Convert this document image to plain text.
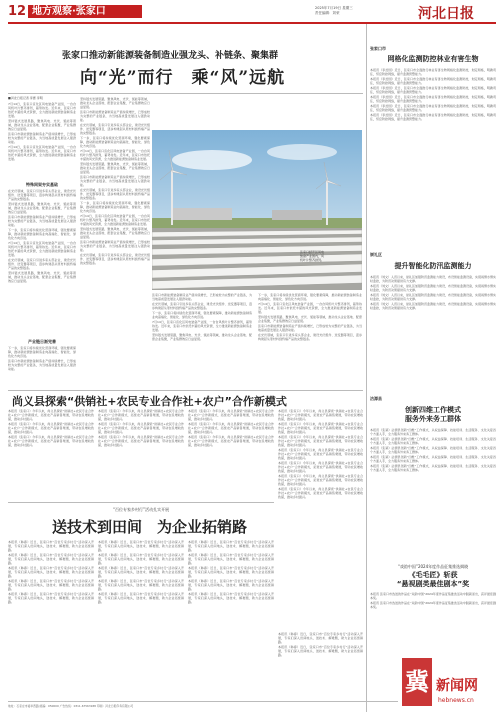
12 地方观察·张家口	2025年7月19日 星期三
责任编辑：刘荣	河北日报
张家口推动新能源装备制造业强龙头、补链条、聚集群
向“光”而行　乘“风”远航
■河北日报记者 李惠 李明

7月14日，张家口宣化区风电装备产业园，一台台风机叶片整齐排列，蓄势待发。近年来，张家口市依托丰富的风光资源，全力推进新能源装备制造业发展。

坚持链式发展思路，聚焦风电、光伏、氢能等领域，推动龙头企业落地、配套企业集聚，产业集群效应日益显现。

张家口市新能源装备制造业产值持续增长，已形成较为完整的产业链条，为当地高质量发展注入强劲动能。

7月14日，张家口宣化区风电装备产业园，一台台风机叶片整齐排列，蓄势待发。近年来，张家口市依托丰富的风光资源，全力推进新能源装备制造业发展。

特殊网架夯实基础

在光伏领域，张家口引进多家头部企业，建设光伏组件、逆变器等项目，逐步构建起从原材料到终端产品的完整链条。

坚持链式发展思路，聚焦风电、光伏、氢能等领域，推动龙头企业落地、配套企业集聚，产业集群效应日益显现。

张家口市新能源装备制造业产值持续增长，已形成较为完整的产业链条，为当地高质量发展注入强劲动能。

下一步，张家口将持续优化营商环境，强化要素保障，推动新能源装备制造业向高端化、智能化、绿色化方向迈进。

7月14日，张家口宣化区风电装备产业园，一台台风机叶片整齐排列，蓄势待发。近年来，张家口市依托丰富的风光资源，全力推进新能源装备制造业发展。

在光伏领域，张家口引进多家头部企业，建设光伏组件、逆变器等项目，逐步构建起从原材料到终端产品的完整链条。

坚持链式发展思路，聚焦风电、光伏、氢能等领域，推动龙头企业落地、配套企业集聚，产业集群效应日益显现。

产业链日渐完善

下一步，张家口将持续优化营商环境，强化要素保障，推动新能源装备制造业向高端化、智能化、绿色化方向迈进。

张家口市新能源装备制造业产值持续增长，已形成较为完整的产业链条，为当地高质量发展注入强劲动能。

坚持链式发展思路，聚焦风电、光伏、氢能等领域，推动龙头企业落地、配套企业集聚，产业集群效应日益显现。

张家口市新能源装备制造业产值持续增长，已形成较为完整的产业链条，为当地高质量发展注入强劲动能。

在光伏领域，张家口引进多家头部企业，建设光伏组件、逆变器等项目，逐步构建起从原材料到终端产品的完整链条。

下一步，张家口将持续优化营商环境，强化要素保障，推动新能源装备制造业向高端化、智能化、绿色化方向迈进。

7月14日，张家口宣化区风电装备产业园，一台台风机叶片整齐排列，蓄势待发。近年来，张家口市依托丰富的风光资源，全力推进新能源装备制造业发展。

坚持链式发展思路，聚焦风电、光伏、氢能等领域，推动龙头企业落地、配套企业集聚，产业集群效应日益显现。

张家口市新能源装备制造业产值持续增长，已形成较为完整的产业链条，为当地高质量发展注入强劲动能。

在光伏领域，张家口引进多家头部企业，建设光伏组件、逆变器等项目，逐步构建起从原材料到终端产品的完整链条。

下一步，张家口将持续优化营商环境，强化要素保障，推动新能源装备制造业向高端化、智能化、绿色化方向迈进。

7月14日，张家口宣化区风电装备产业园，一台台风机叶片整齐排列，蓄势待发。近年来，张家口市依托丰富的风光资源，全力推进新能源装备制造业发展。

坚持链式发展思路，聚焦风电、光伏、氢能等领域，推动龙头企业落地、配套企业集聚，产业集群效应日益显现。

张家口市新能源装备制造业产值持续增长，已形成较为完整的产业链条，为当地高质量发展注入强劲动能。

在光伏领域，张家口引进多家头部企业，建设光伏组件、逆变器等项目，逐步构建起从原材料到终端产品的完整链条。

张家口经开区风电装备产业园内，风机叶片整齐排列。

张家口市新能源装备制造业产值持续增长，已形成较为完整的产业链条，为当地高质量发展注入强劲动能。

在光伏领域，张家口引进多家头部企业，建设光伏组件、逆变器等项目，逐步构建起从原材料到终端产品的完整链条。

下一步，张家口将持续优化营商环境，强化要素保障，推动新能源装备制造业向高端化、智能化、绿色化方向迈进。

7月14日，张家口宣化区风电装备产业园，一台台风机叶片整齐排列，蓄势待发。近年来，张家口市依托丰富的风光资源，全力推进新能源装备制造业发展。

坚持链式发展思路，聚焦风电、光伏、氢能等领域，推动龙头企业落地、配套企业集聚，产业集群效应日益显现。

下一步，张家口将持续优化营商环境，强化要素保障，推动新能源装备制造业向高端化、智能化、绿色化方向迈进。

7月14日，张家口宣化区风电装备产业园，一台台风机叶片整齐排列，蓄势待发。近年来，张家口市依托丰富的风光资源，全力推进新能源装备制造业发展。

坚持链式发展思路，聚焦风电、光伏、氢能等领域，推动龙头企业落地、配套企业集聚，产业集群效应日益显现。

张家口市新能源装备制造业产值持续增长，已形成较为完整的产业链条，为当地高质量发展注入强劲动能。

在光伏领域，张家口引进多家头部企业，建设光伏组件、逆变器等项目，逐步构建起从原材料到终端产品的完整链条。

张家口市
网格化监测防控林业有害生物

本报讯（李治国）近日，张家口市全面推行林业有害生物网格化监测防控，划定网格，明确责任，织密防控网络，提升监测预警能力。

本报讯（李治国）近日，张家口市全面推行林业有害生物网格化监测防控，划定网格，明确责任，织密防控网络，提升监测预警能力。

本报讯（李治国）近日，张家口市全面推行林业有害生物网格化监测防控，划定网格，明确责任，织密防控网络，提升监测预警能力。

本报讯（李治国）近日，张家口市全面推行林业有害生物网格化监测防控，划定网格，明确责任，织密防控网络，提升监测预警能力。

本报讯（李治国）近日，张家口市全面推行林业有害生物网格化监测防控，划定网格，明确责任，织密防控网络，提升监测预警能力。

本报讯（李治国）近日，张家口市全面推行林业有害生物网格化监测防控，划定网格，明确责任，织密防控网络，提升监测预警能力。

崇礼区
提升智能化防汛监测能力

本报讯（刘文）入汛以来，崇礼区加强防汛监测能力建设，布设智能监测设备，实现雨情水情实时监控，为防汛决策提供有力支撑。

本报讯（刘文）入汛以来，崇礼区加强防汛监测能力建设，布设智能监测设备，实现雨情水情实时监控，为防汛决策提供有力支撑。

本报讯（刘文）入汛以来，崇礼区加强防汛监测能力建设，布设智能监测设备，实现雨情水情实时监控，为防汛决策提供有力支撑。

本报讯（刘文）入汛以来，崇礼区加强防汛监测能力建设，布设智能监测设备，实现雨情水情实时监控，为防汛决策提供有力支撑。

沽源县
创新四维工作模式
服务外来务工群体

本报讯（张颖）沽源县创新“四维”工作模式，从权益保障、技能培训、生活服务、文化关爱四个方面入手，全力服务外来务工群体。

本报讯（张颖）沽源县创新“四维”工作模式，从权益保障、技能培训、生活服务、文化关爱四个方面入手，全力服务外来务工群体。

本报讯（张颖）沽源县创新“四维”工作模式，从权益保障、技能培训、生活服务、文化关爱四个方面入手，全力服务外来务工群体。

本报讯（张颖）沽源县创新“四维”工作模式，从权益保障、技能培训、生活服务、文化关爱四个方面入手，全力服务外来务工群体。

本报讯（张颖）沽源县创新“四维”工作模式，从权益保障、技能培训、生活服务、文化关爱四个方面入手，全力服务外来务工群体。

“戏韵中国”2024年度作品征集推选揭晓
《毛毛匠》斩获
“悬视剧类最佳剧本”奖

本报讯 张家口市选送的作品在“戏韵中国”2024年度作品征集推选活动中脱颖而出，获评最佳剧本奖。

本报讯 张家口市选送的作品在“戏韵中国”2024年度作品征集推选活动中脱颖而出，获评最佳剧本奖。

尚义县探索“供销社+农民专业合作社+农户”合作新模式

本报讯（张家口）今年以来，尚义县探索“供销社+农民专业合作社+农户”合作新模式，拓宽农产品销售渠道，带动农民增收致富，推动乡村振兴。

本报讯（张家口）今年以来，尚义县探索“供销社+农民专业合作社+农户”合作新模式，拓宽农产品销售渠道，带动农民增收致富，推动乡村振兴。

本报讯（张家口）今年以来，尚义县探索“供销社+农民专业合作社+农户”合作新模式，拓宽农产品销售渠道，带动农民增收致富，推动乡村振兴。

本报讯（张家口）今年以来，尚义县探索“供销社+农民专业合作社+农户”合作新模式，拓宽农产品销售渠道，带动农民增收致富，推动乡村振兴。

本报讯（张家口）今年以来，尚义县探索“供销社+农民专业合作社+农户”合作新模式，拓宽农产品销售渠道，带动农民增收致富，推动乡村振兴。

本报讯（张家口）今年以来，尚义县探索“供销社+农民专业合作社+农户”合作新模式，拓宽农产品销售渠道，带动农民增收致富，推动乡村振兴。

本报讯（张家口）今年以来，尚义县探索“供销社+农民专业合作社+农户”合作新模式，拓宽农产品销售渠道，带动农民增收致富，推动乡村振兴。

本报讯（张家口）今年以来，尚义县探索“供销社+农民专业合作社+农户”合作新模式，拓宽农产品销售渠道，带动农民增收致富，推动乡村振兴。

本报讯（张家口）今年以来，尚义县探索“供销社+农民专业合作社+农户”合作新模式，拓宽农产品销售渠道，带动农民增收致富，推动乡村振兴。

本报讯（张家口）今年以来，尚义县探索“供销社+农民专业合作社+农户”合作新模式，拓宽农产品销售渠道，带动农民增收致富，推动乡村振兴。

本报讯（张家口）今年以来，尚义县探索“供销社+农民专业合作社+农户”合作新模式，拓宽农产品销售渠道，带动农民增收致富，推动乡村振兴。

本报讯（张家口）今年以来，尚义县探索“供销社+农民专业合作社+农户”合作新模式，拓宽农产品销售渠道，带动农民增收致富，推动乡村振兴。

本报讯（张家口）今年以来，尚义县探索“供销社+农民专业合作社+农户”合作新模式，拓宽农产品销售渠道，带动农民增收致富，推动乡村振兴。

本报讯（张家口）今年以来，尚义县探索“供销社+农民专业合作社+农户”合作新模式，拓宽农产品销售渠道，带动农民增收致富，推动乡村振兴。

本报讯（张家口）今年以来，尚义县探索“供销社+农民专业合作社+农户”合作新模式，拓宽农产品销售渠道，带动农民增收致富，推动乡村振兴。

本报讯（张家口）今年以来，尚义县探索“供销社+农民专业合作社+农户”合作新模式，拓宽农产品销售渠道，带动农民增收致富，推动乡村振兴。

“百位专家乡村行”活动扎实开展
送技术到田间　为企业拓销路

本报讯（韩春）近日，张家口市“百位专家乡村行”活动深入开展，专家们深入田间地头，送技术、解难题，助力企业拓宽销路。

本报讯（韩春）近日，张家口市“百位专家乡村行”活动深入开展，专家们深入田间地头，送技术、解难题，助力企业拓宽销路。

本报讯（韩春）近日，张家口市“百位专家乡村行”活动深入开展，专家们深入田间地头，送技术、解难题，助力企业拓宽销路。

本报讯（韩春）近日，张家口市“百位专家乡村行”活动深入开展，专家们深入田间地头，送技术、解难题，助力企业拓宽销路。

本报讯（韩春）近日，张家口市“百位专家乡村行”活动深入开展，专家们深入田间地头，送技术、解难题，助力企业拓宽销路。

本报讯（韩春）近日，张家口市“百位专家乡村行”活动深入开展，专家们深入田间地头，送技术、解难题，助力企业拓宽销路。

本报讯（韩春）近日，张家口市“百位专家乡村行”活动深入开展，专家们深入田间地头，送技术、解难题，助力企业拓宽销路。

本报讯（韩春）近日，张家口市“百位专家乡村行”活动深入开展，专家们深入田间地头，送技术、解难题，助力企业拓宽销路。

本报讯（韩春）近日，张家口市“百位专家乡村行”活动深入开展，专家们深入田间地头，送技术、解难题，助力企业拓宽销路。

本报讯（韩春）近日，张家口市“百位专家乡村行”活动深入开展，专家们深入田间地头，送技术、解难题，助力企业拓宽销路。

本报讯（韩春）近日，张家口市“百位专家乡村行”活动深入开展，专家们深入田间地头，送技术、解难题，助力企业拓宽销路。

本报讯（韩春）近日，张家口市“百位专家乡村行”活动深入开展，专家们深入田间地头，送技术、解难题，助力企业拓宽销路。

本报讯（韩春）近日，张家口市“百位专家乡村行”活动深入开展，专家们深入田间地头，送技术、解难题，助力企业拓宽销路。

本报讯（韩春）近日，张家口市“百位专家乡村行”活动深入开展，专家们深入田间地头，送技术、解难题，助力企业拓宽销路。

本报讯（韩春）近日，张家口市“百位专家乡村行”活动深入开展，专家们深入田间地头，送技术、解难题，助力企业拓宽销路。

本报讯（韩春）近日，张家口市“百位专家乡村行”活动深入开展，专家们深入田间地头，送技术、解难题，助力企业拓宽销路。

本报讯（韩春）近日，张家口市“百位专家乡村行”活动深入开展，专家们深入田间地头，送技术、解难题，助力企业拓宽销路。

冀 新闻网
hebnews.cn
地址：石家庄市裕华西路 邮编：050000 广告热线：0311-67563188 印刷：河北日报印务有限公司
